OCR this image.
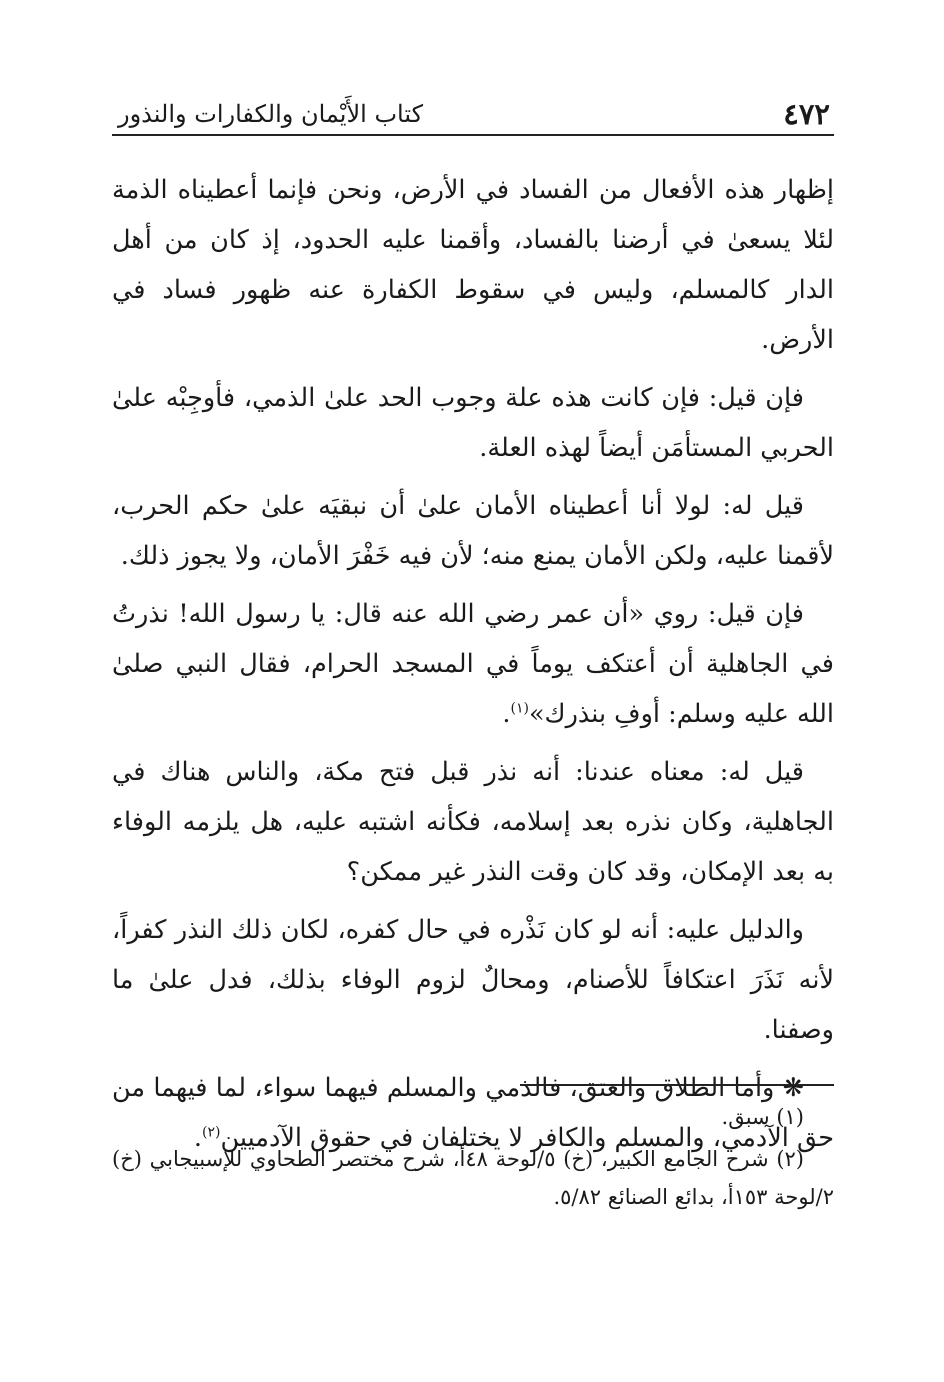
٤٧٢
كتاب الأَيْمان والكفارات والنذور

إظهار هذه الأفعال من الفساد في الأرض، ونحن فإنما أعطيناه الذمة لئلا يسعىٰ في أرضنا بالفساد، وأقمنا عليه الحدود، إذ كان من أهل الدار كالمسلم، وليس في سقوط الكفارة عنه ظهور فساد في الأرض.

فإن قيل: فإن كانت هذه علة وجوب الحد علىٰ الذمي، فأوجِبْه علىٰ الحربي المستأمَن أيضاً لهذه العلة.

قيل له: لولا أنا أعطيناه الأمان علىٰ أن نبقيَه علىٰ حكم الحرب، لأقمنا عليه، ولكن الأمان يمنع منه؛ لأن فيه خَفْرَ الأمان، ولا يجوز ذلك.

فإن قيل: روي «أن عمر رضي الله عنه قال: يا رسول الله! نذرتُ في الجاهلية أن أعتكف يوماً في المسجد الحرام، فقال النبي صلىٰ الله عليه وسلم: أوفِ بنذرك»$^{(١)}$.

قيل له: معناه عندنا: أنه نذر قبل فتح مكة، والناس هناك في الجاهلية، وكان نذره بعد إسلامه، فكأنه اشتبه عليه، هل يلزمه الوفاء به بعد الإمكان، وقد كان وقت النذر غير ممكن؟

والدليل عليه: أنه لو كان نَذْره في حال كفره، لكان ذلك النذر كفراً، لأنه نَذَرَ اعتكافاً للأصنام، ومحالٌ لزوم الوفاء بذلك، فدل علىٰ ما وصفنا.

❋ وأما الطلاق والعتق، فالذمي والمسلم فيهما سواء، لما فيهما من حق الآدمي، والمسلم والكافر لا يختلفان في حقوق الآدميين$^{(٢)}$.

(١) سبق.

(٢) شرح الجامع الكبير، (خ) ٥/لوحة ٤٨أ، شرح مختصر الطحاوي للإسبيجابي (خ) ٢/لوحة ١٥٣أ، بدائع الصنائع ٥/٨٢.
